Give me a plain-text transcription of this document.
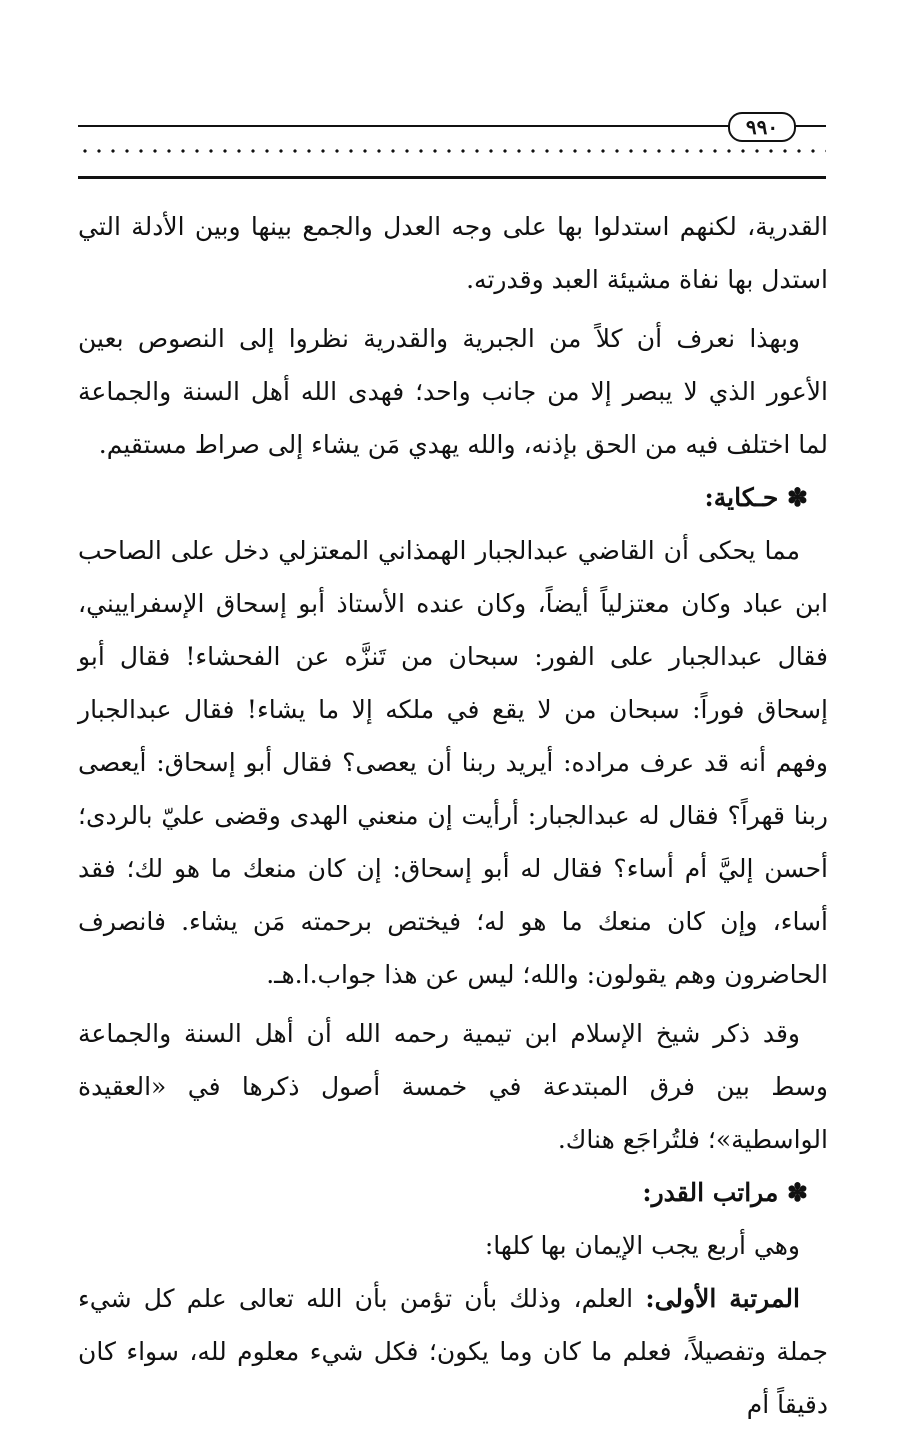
٩٩٠

القدرية، لكنهم استدلوا بها على وجه العدل والجمع بينها وبين الأدلة التي استدل بها نفاة مشيئة العبد وقدرته.

وبهذا نعرف أن كلاً من الجبرية والقدرية نظروا إلى النصوص بعين الأعور الذي لا يبصر إلا من جانب واحد؛ فهدى الله أهل السنة والجماعة لما اختلف فيه من الحق بإذنه، والله يهدي مَن يشاء إلى صراط مستقيم.

✽ حـكاية:

مما يحكى أن القاضي عبدالجبار الهمذاني المعتزلي دخل على الصاحب ابن عباد وكان معتزلياً أيضاً، وكان عنده الأستاذ أبو إسحاق الإسفراييني، فقال عبدالجبار على الفور: سبحان من تَنزَّه عن الفحشاء! فقال أبو إسحاق فوراً: سبحان من لا يقع في ملكه إلا ما يشاء! فقال عبدالجبار وفهم أنه قد عرف مراده: أيريد ربنا أن يعصى؟ فقال أبو إسحاق: أيعصى ربنا قهراً؟ فقال له عبدالجبار: أرأيت إن منعني الهدى وقضى عليّ بالردى؛ أحسن إليَّ أم أساء؟ فقال له أبو إسحاق: إن كان منعك ما هو لك؛ فقد أساء، وإن كان منعك ما هو له؛ فيختص برحمته مَن يشاء. فانصرف الحاضرون وهم يقولون: والله؛ ليس عن هذا جواب.ا.هـ.

وقد ذكر شيخ الإسلام ابن تيمية رحمه الله أن أهل السنة والجماعة وسط بين فرق المبتدعة في خمسة أصول ذكرها في «العقيدة الواسطية»؛ فلتُراجَع هناك.

✽ مراتب القدر:

وهي أربع يجب الإيمان بها كلها:

المرتبة الأولى: العلم، وذلك بأن تؤمن بأن الله تعالى علم كل شيء جملة وتفصيلاً، فعلم ما كان وما يكون؛ فكل شيء معلوم لله، سواء كان دقيقاً أم
